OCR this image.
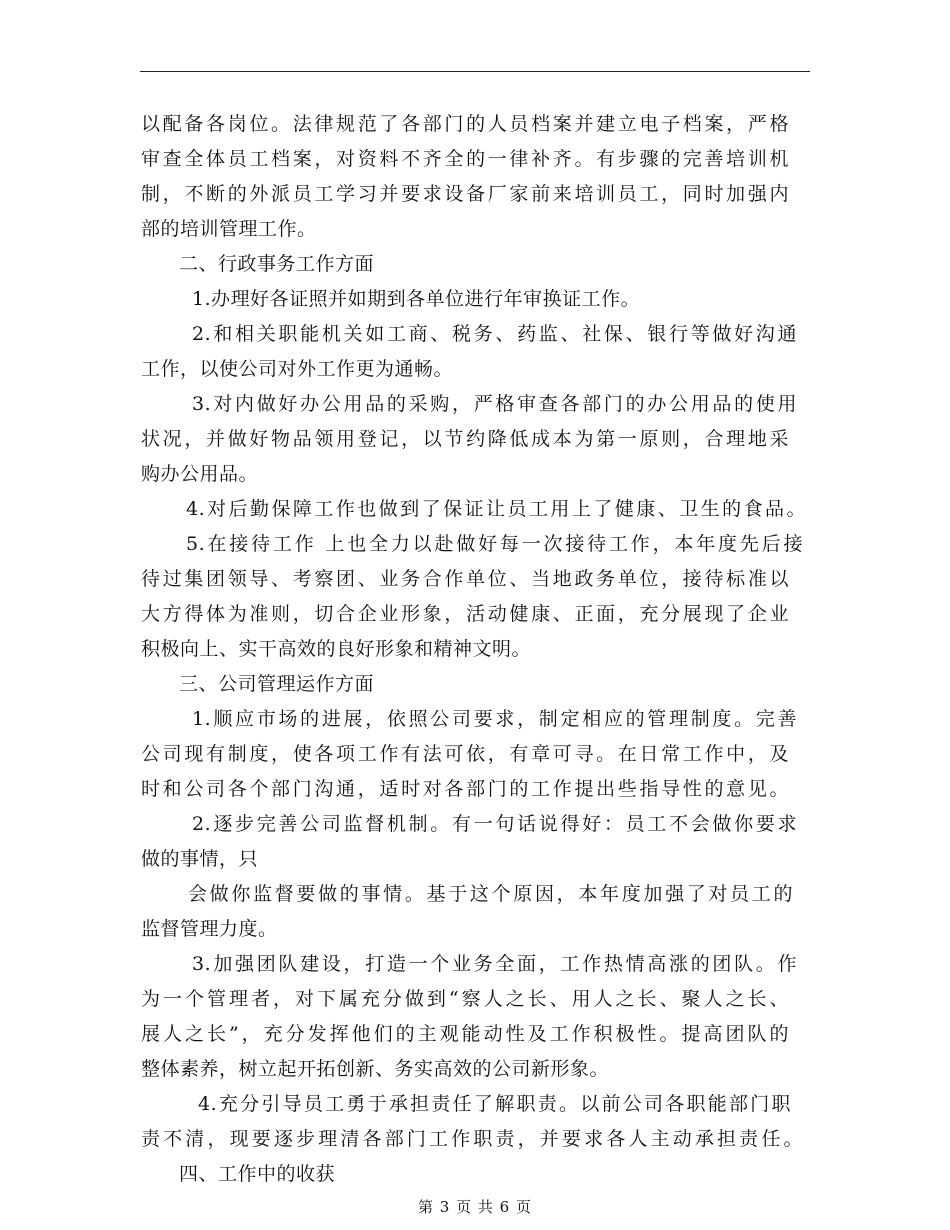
以配备各岗位。法律规范了各部门的人员档案并建立电子档案，严格
审查全体员工档案，对资料不齐全的一律补齐。有步骤的完善培训机
制，不断的外派员工学习并要求设备厂家前来培训员工，同时加强内
部的培训管理工作。
二、行政事务工作方面
1.办理好各证照并如期到各单位进行年审换证工作。
2.和相关职能机关如工商、税务、药监、社保、银行等做好沟通
工作，以使公司对外工作更为通畅。
3.对内做好办公用品的采购，严格审查各部门的办公用品的使用
状况，并做好物品领用登记，以节约降低成本为第一原则，合理地采
购办公用品。
4.对后勤保障工作也做到了保证让员工用上了健康、卫生的食品。
5.在接待工作 上也全力以赴做好每一次接待工作，本年度先后接
待过集团领导、考察团、业务合作单位、当地政务单位，接待标准以
大方得体为准则，切合企业形象，活动健康、正面，充分展现了企业
积极向上、实干高效的良好形象和精神文明。
三、公司管理运作方面
1.顺应市场的进展，依照公司要求，制定相应的管理制度。完善
公司现有制度，使各项工作有法可依，有章可寻。在日常工作中，及
时和公司各个部门沟通，适时对各部门的工作提出些指导性的意见。
2.逐步完善公司监督机制。有一句话说得好：员工不会做你要求
做的事情，只
会做你监督要做的事情。基于这个原因，本年度加强了对员工的
监督管理力度。
3.加强团队建设，打造一个业务全面，工作热情高涨的团队。作
为一个管理者，对下属充分做到“察人之长、用人之长、聚人之长、
展人之长”，充分发挥他们的主观能动性及工作积极性。提高团队的
整体素养，树立起开拓创新、务实高效的公司新形象。
4.充分引导员工勇于承担责任了解职责。以前公司各职能部门职
责不清，现要逐步理清各部门工作职责，并要求各人主动承担责任。
四、工作中的收获
第 3 页 共 6 页
